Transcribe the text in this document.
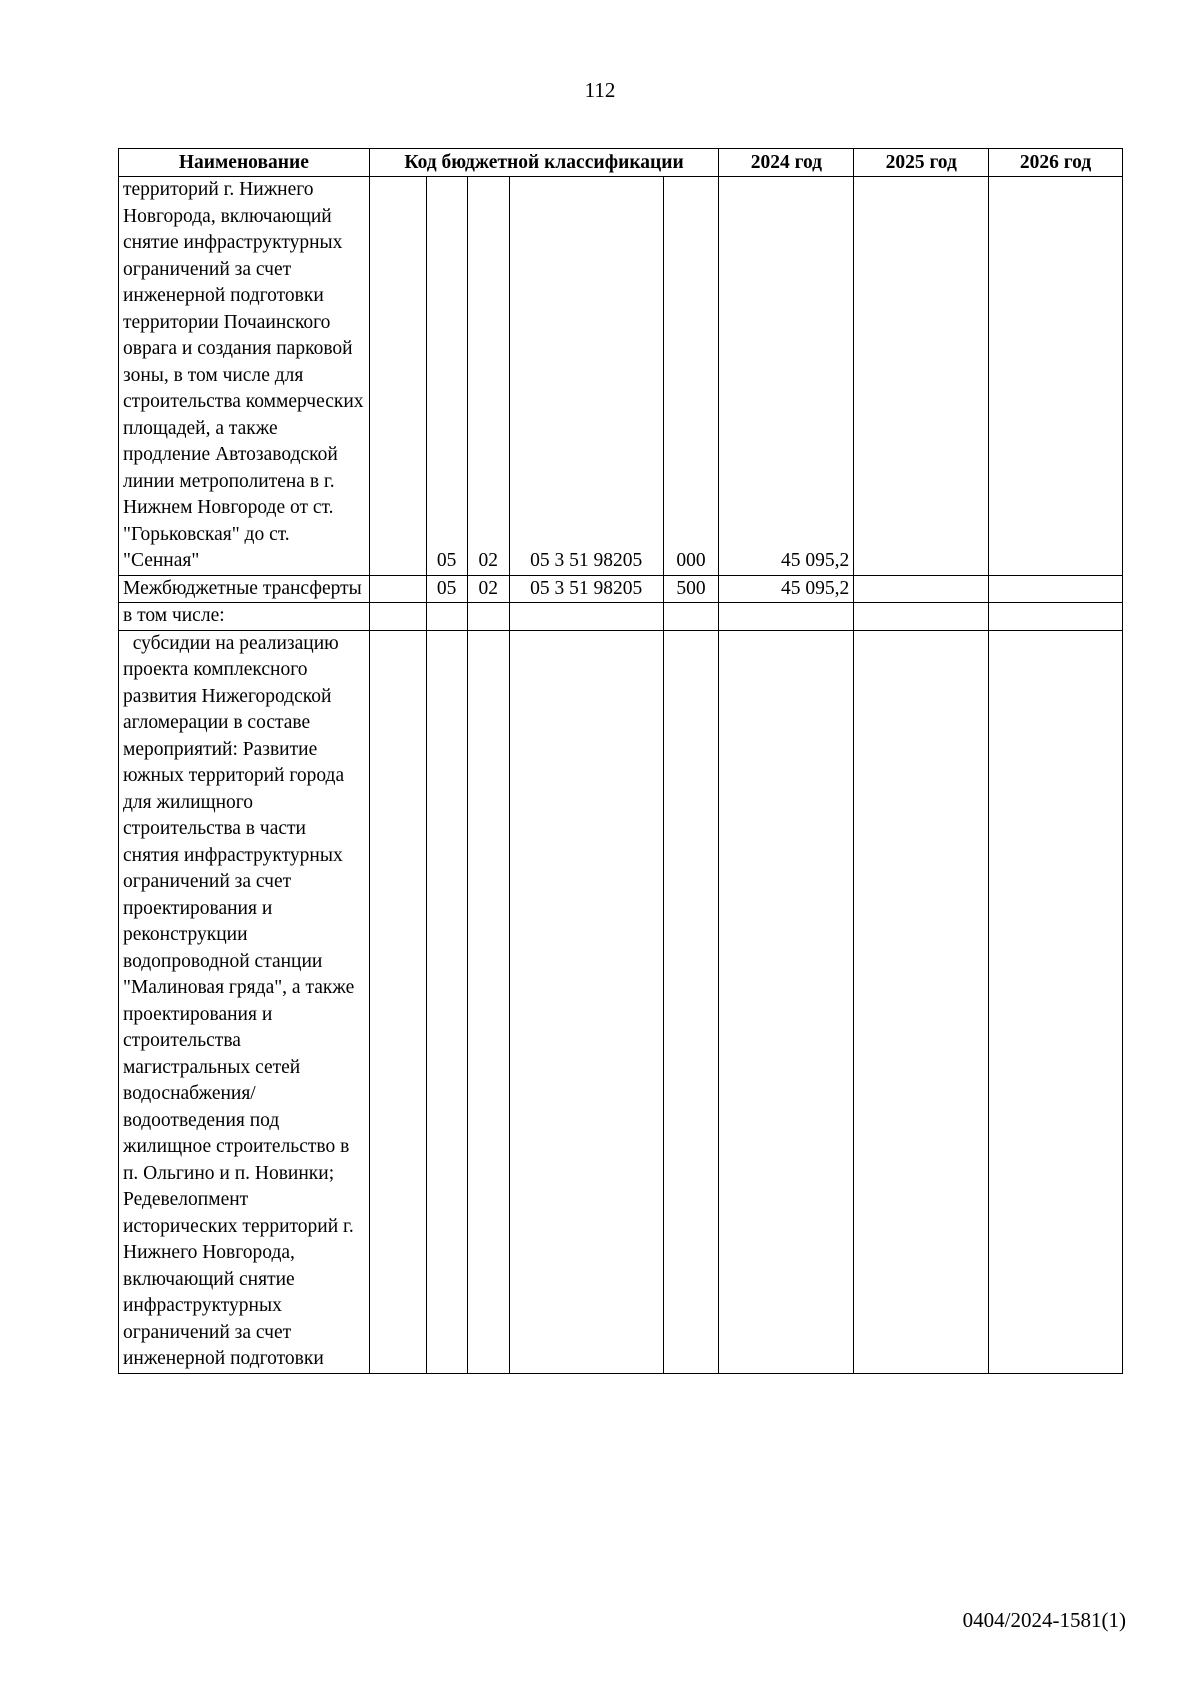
112
Наименование	Код бюджетной классификации					2024 год	2025 год	2026 год
территорий г. Нижнего Новгорода, включающий снятие инфраструктурных ограничений за счет инженерной подготовки территории Почаинского оврага и создания парковой зоны, в том числе для строительства коммерческих площадей, а также продление Автозаводской линии метрополитена в г. Нижнем Новгороде от ст. "Горьковская" до ст. "Сенная"		05	02	05 3 51 98205	000	45 095,2		
Межбюджетные трансферты		05	02	05 3 51 98205	500	45 095,2		
в том числе:								
субсидии на реализацию проекта комплексного развития Нижегородской агломерации в составе мероприятий: Развитие южных территорий города для жилищного строительства в части снятия инфраструктурных ограничений за счет проектирования и реконструкции водопроводной станции "Малиновая гряда", а также проектирования и строительства магистральных сетей водоснабжения/ водоотведения под жилищное строительство в п. Ольгино и п. Новинки; Редевелопмент исторических территорий г. Нижнего Новгорода, включающий снятие инфраструктурных ограничений за счет инженерной подготовки								
0404/2024-1581(1)
